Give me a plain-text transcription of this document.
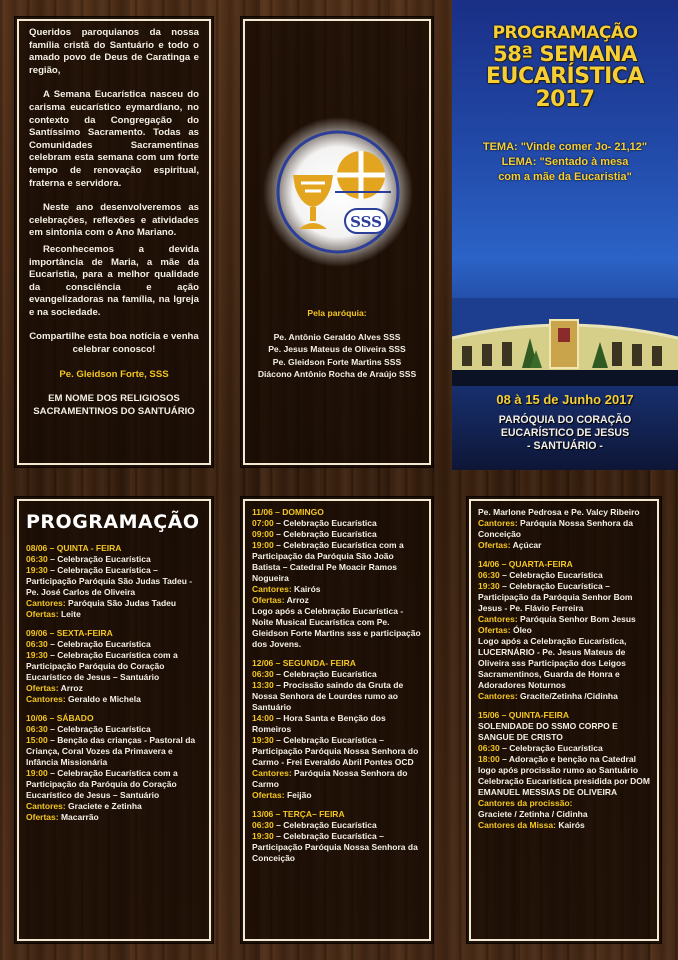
Queridos paroquianos da nossa família cristã do Santuário e todo o amado povo de Deus de Caratinga e região,

A Semana Eucarística nasceu do carisma eucarístico eymardiano, no contexto da Congregação do Santíssimo Sacramento. Todas as Comunidades Sacramentinas celebram esta semana com um forte tempo de renovação espiritual, fraterna e servidora.

Neste ano desenvolveremos as celebrações, reflexões e atividades em sintonia com o Ano Mariano.

Reconhecemos a devida importância de Maria, a mãe da Eucaristia, para a melhor qualidade da consciência e ação evangelizadoras na família, na Igreja e na sociedade.

Compartilhe esta boa notícia e venha celebrar conosco!

Pe. Gleidson Forte, SSS

EM NOME DOS RELIGIOSOS SACRAMENTINOS DO SANTUÁRIO

SSS
Pela paróquia:
Pe. Antônio Geraldo Alves SSS
Pe. Jesus Mateus de Oliveira SSS
Pe. Gleidson Forte Martins SSS
Diácono Antônio Rocha de Araújo SSS
PROGRAMAÇÃO
58ª SEMANA
EUCARÍSTICA
2017
TEMA: "Vinde comer Jo- 21,12"
LEMA: "Sentado à mesa
com a mãe da Eucaristia"
08 à 15 de Junho 2017
PARÓQUIA DO CORAÇÃO
EUCARÍSTICO DE JESUS
- SANTUÁRIO -
PROGRAMAÇÃO
08/06 – QUINTA - FEIRA
06:30 – Celebração Eucarística
19:30 – Celebração Eucarística – Participação Paróquia São Judas Tadeu - Pe. José Carlos de Oliveira
Cantores: Paróquia São Judas Tadeu
Ofertas: Leite
09/06 – SEXTA-FEIRA
06:30 – Celebração Eucarística
19:30 – Celebração Eucarística com a Participação Paróquia do Coração Eucarístico de Jesus – Santuário
Ofertas: Arroz
Cantores: Geraldo e Michela
10/06 – SÁBADO
06:30 – Celebração Eucarística
15:00 – Benção das crianças - Pastoral da Criança, Coral Vozes da Primavera e Infância Missionária
19:00 – Celebração Eucarística com a Participação da Paróquia do Coração Eucarístico de Jesus – Santuário
Cantores: Graciete e Zetinha
Ofertas: Macarrão
11/06 – DOMINGO
07:00 – Celebração Eucarística
09:00 – Celebração Eucarística
19:00 – Celebração Eucarística com a Participação da Paróquia São João Batista – Catedral Pe Moacir Ramos Nogueira
Cantores: Kairós
Ofertas: Arroz
Logo após a Celebração Eucarística - Noite Musical Eucarística com Pe. Gleidson Forte Martins sss e participação dos Jovens.
12/06 – SEGUNDA- FEIRA
06:30 – Celebração Eucarística
13:30 – Procissão saindo da Gruta de Nossa Senhora de Lourdes rumo ao Santuário
14:00 – Hora Santa e Benção dos Romeiros
19:30 – Celebração Eucarística – Participação Paróquia Nossa Senhora do Carmo - Frei Everaldo Abril Pontes OCD
Cantores: Paróquia Nossa Senhora do Carmo
Ofertas: Feijão
13/06 – TERÇA– FEIRA
06:30 – Celebração Eucarística
19:30 – Celebração Eucarística – Participação Paróquia Nossa Senhora da Conceição
Pe. Marlone Pedrosa e Pe. Valcy Ribeiro
Cantores: Paróquia Nossa Senhora da Conceição
Ofertas: Açúcar
14/06 – QUARTA-FEIRA
06:30 – Celebração Eucarística
19:30 – Celebração Eucarística – Participação da Paróquia Senhor Bom Jesus - Pe. Flávio Ferreira
Cantores: Paróquia Senhor Bom Jesus
Ofertas: Óleo
Logo após a Celebração Eucarística, LUCERNÁRIO - Pe. Jesus Mateus de Oliveira sss Participação dos Leigos Sacramentinos, Guarda de Honra e Adoradores Noturnos
Cantores: Gracite/Zetinha /Cidinha
15/06 – QUINTA-FEIRA
SOLENIDADE DO SSMO CORPO E SANGUE DE CRISTO
06:30 – Celebração Eucarística
18:00 – Adoração e benção na Catedral logo após procissão rumo ao Santuário
Celebração Eucarística presidida por DOM EMANUEL MESSIAS DE OLIVEIRA
Cantores da procissão:
Graciete / Zetinha / Cidinha
Cantores da Missa: Kairós
